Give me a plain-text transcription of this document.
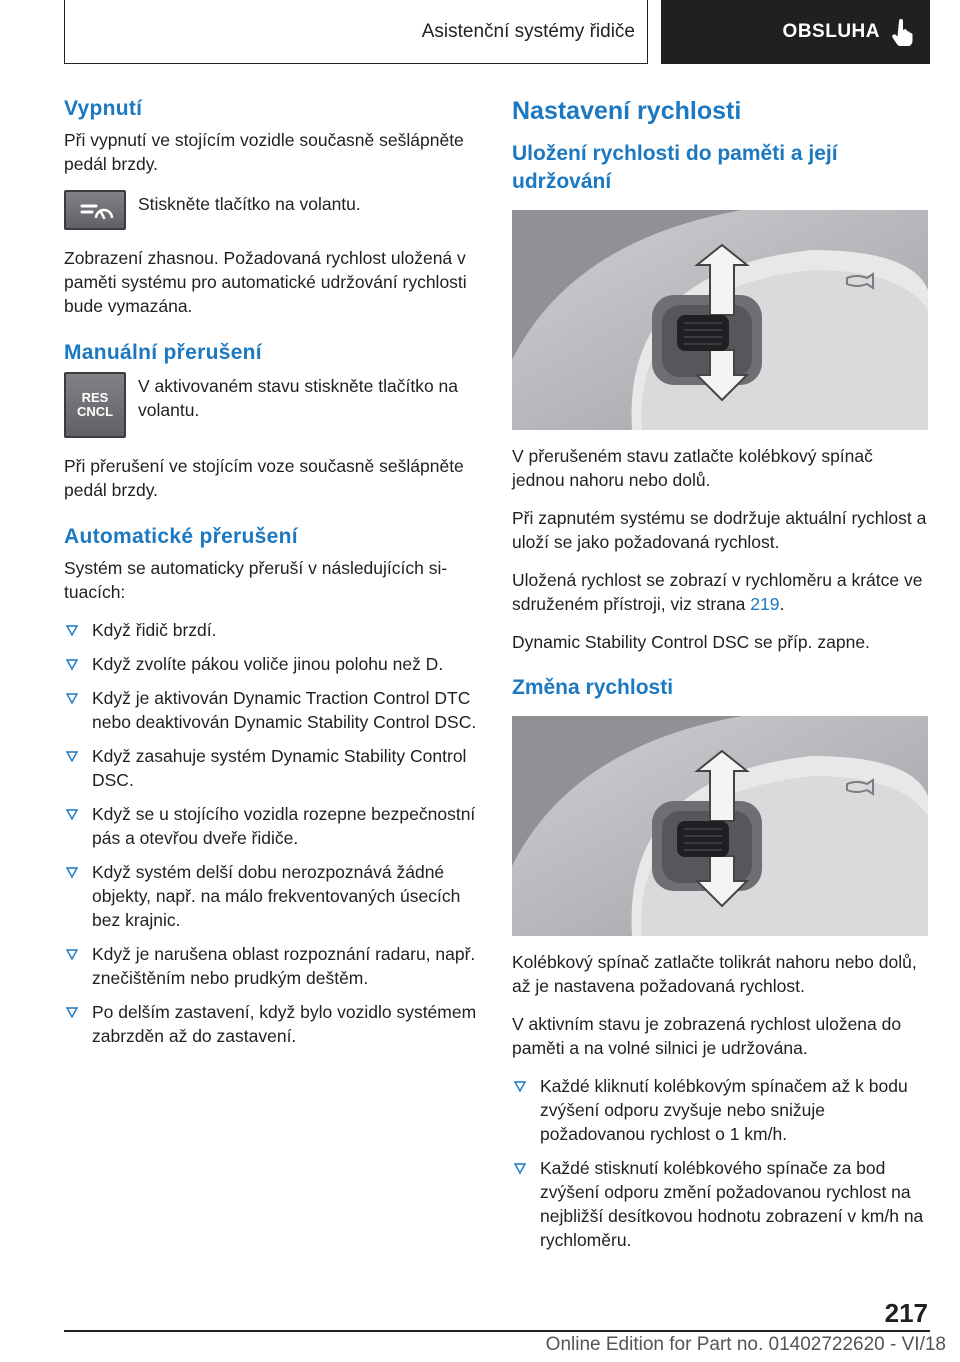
Asistenční systémy řidiče	OBSLUHA
Vypnutí

Při vypnutí ve stojícím vozidle současně sešlápněte pedál brzdy.

Stiskněte tlačítko na volantu.

Zobrazení zhasnou. Požadovaná rychlost uložená v paměti systému pro automatické udržování rychlosti bude vymazána.

Manuální přerušení
RES
CNCL
V aktivovaném stavu stiskněte tlačítko na volantu.

Při přerušení ve stojícím voze současně sešlápněte pedál brzdy.

Automatické přerušení

Systém se automaticky přeruší v následujících situacích:

Když řidič brzdí.
Když zvolíte pákou voliče jinou polohu než D.
Když je aktivován Dynamic Traction Control DTC nebo deaktivován Dynamic Stability Control DSC.
Když zasahuje systém Dynamic Stability Control DSC.
Když se u stojícího vozidla rozepne bezpečnostní pás a otevřou dveře řidiče.
Když systém delší dobu nerozpoznává žádné objekty, např. na málo frekventovaných úsecích bez krajnic.
Když je narušena oblast rozpoznání radaru, např. znečištěním nebo prudkým deštěm.
Po delším zastavení, když bylo vozidlo systémem zabrzděn až do zastavení.
Nastavení rychlosti
Uložení rychlosti do paměti a její udržování

V přerušeném stavu zatlačte kolébkový spínač jednou nahoru nebo dolů.

Při zapnutém systému se dodržuje aktuální rychlost a uloží se jako požadovaná rychlost.

Uložená rychlost se zobrazí v rychloměru a krátce ve sdruženém přístroji, viz strana 219.

Dynamic Stability Control DSC se příp. zapne.

Změna rychlosti

Kolébkový spínač zatlačte tolikrát nahoru nebo dolů, až je nastavena požadovaná rychlost.

V aktivním stavu je zobrazená rychlost uložena do paměti a na volné silnici je udržována.

Každé kliknutí kolébkovým spínačem až k bodu zvýšení odporu zvyšuje nebo snižuje požadovanou rychlost o 1 km/h.
Každé stisknutí kolébkového spínače za bod zvýšení odporu změní požadovanou rychlost na nejbližší desítkovou hodnotu zobrazení v km/h na rychloměru.
217
Online Edition for Part no. 01402722620 - VI/18
